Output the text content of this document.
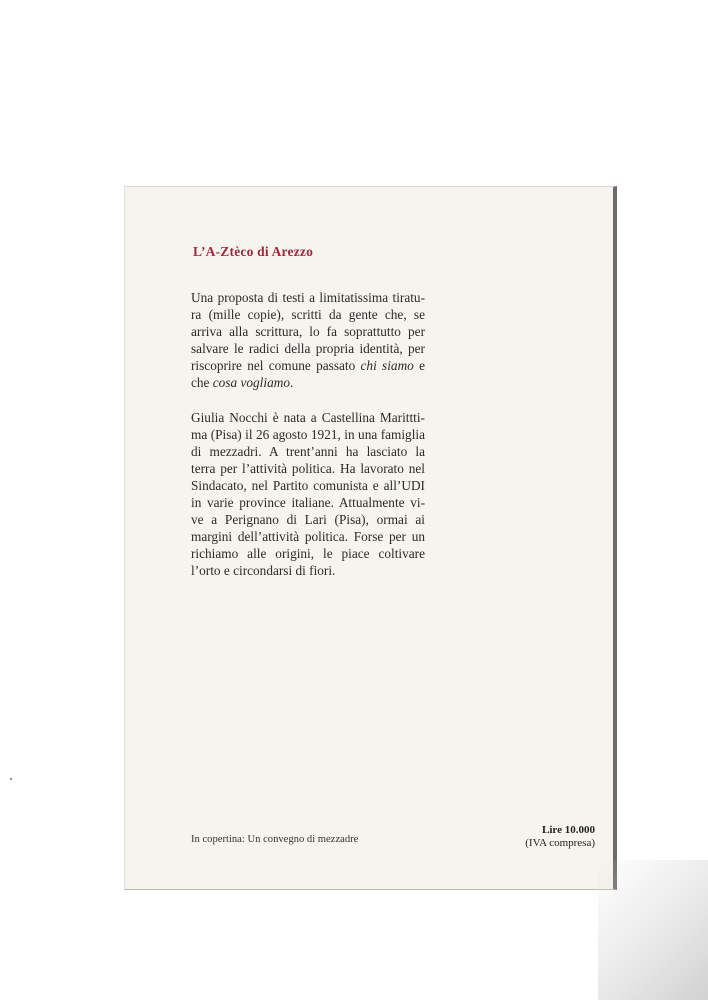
L’A-Ztèco di Arezzo
Una proposta di testi a limitatissima tiratu-
ra (mille copie), scritti da gente che, se
arriva alla scrittura, lo fa soprattutto per
salvare le radici della propria identità, per
riscoprire nel comune passato chi siamo e
che cosa vogliamo.
Giulia Nocchi è nata a Castellina Marittti-
ma (Pisa) il 26 agosto 1921, in una famiglia
di mezzadri. A trent’anni ha lasciato la
terra per l’attività politica. Ha lavorato nel
Sindacato, nel Partito comunista e all’UDI
in varie province italiane. Attualmente vi-
ve a Perignano di Lari (Pisa), ormai ai
margini dell’attività politica. Forse per un
richiamo alle origini, le piace coltivare
l’orto e circondarsi di fiori.
In copertina: Un convegno di mezzadre
Lire 10.000
(IVA compresa)
